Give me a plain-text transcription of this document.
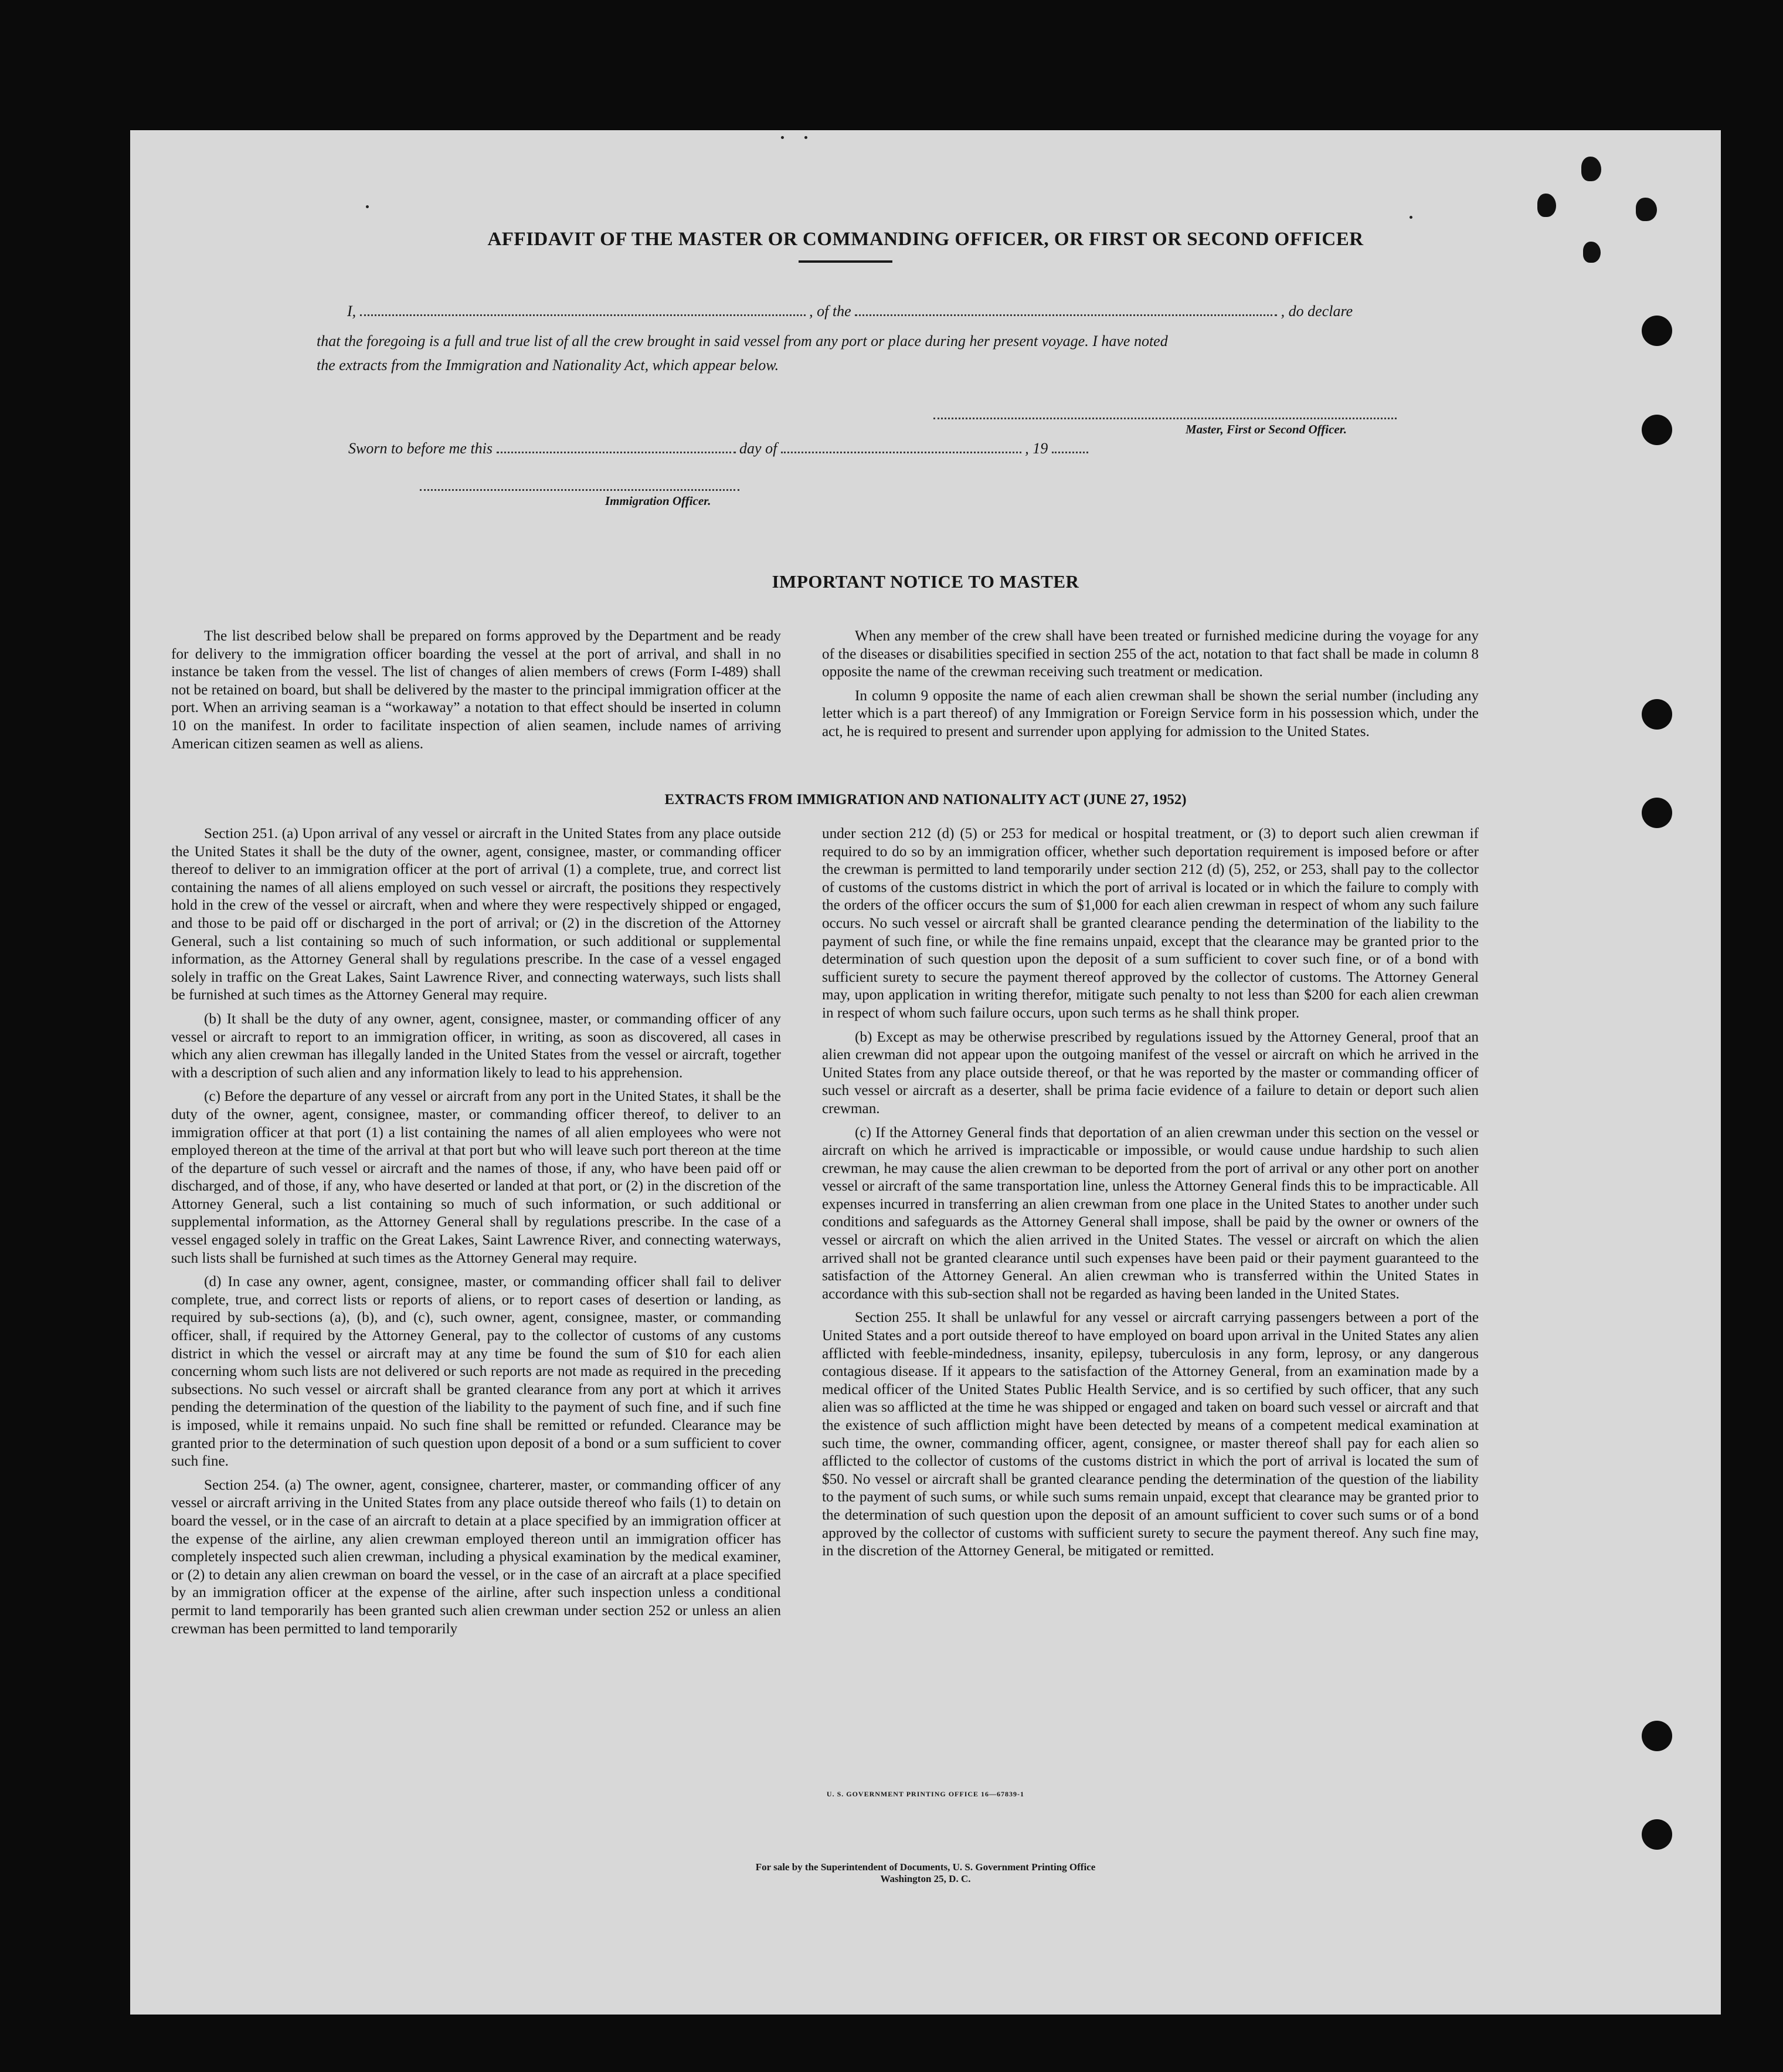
AFFIDAVIT OF THE MASTER OR COMMANDING OFFICER, OR FIRST OR SECOND OFFICER
I,	, of the	, do declare
that the foregoing is a full and true list of all the crew brought in said vessel from any port or place during her present voyage. I have noted
the extracts from the Immigration and Nationality Act, which appear below.
Master, First or Second Officer.
Sworn to before me this	day of	, 19
Immigration Officer.
IMPORTANT NOTICE TO MASTER

The list described below shall be prepared on forms approved by the Department and be ready for delivery to the immigration officer boarding the vessel at the port of arrival, and shall in no instance be taken from the vessel. The list of changes of alien members of crews (Form I-489) shall not be retained on board, but shall be delivered by the master to the principal immigration officer at the port. When an arriving seaman is a “workaway” a notation to that effect should be inserted in column 10 on the manifest. In order to facilitate inspection of alien seamen, include names of arriving American citizen seamen as well as aliens.

When any member of the crew shall have been treated or furnished medicine during the voyage for any of the diseases or disabilities specified in section 255 of the act, notation to that fact shall be made in column 8 opposite the name of the crewman receiving such treatment or medication.

In column 9 opposite the name of each alien crewman shall be shown the serial number (including any letter which is a part thereof) of any Immigration or Foreign Service form in his possession which, under the act, he is required to present and surrender upon applying for admission to the United States.

EXTRACTS FROM IMMIGRATION AND NATIONALITY ACT (JUNE 27, 1952)

Section 251. (a) Upon arrival of any vessel or aircraft in the United States from any place outside the United States it shall be the duty of the owner, agent, consignee, master, or commanding officer thereof to deliver to an immigration officer at the port of arrival (1) a complete, true, and correct list containing the names of all aliens employed on such vessel or aircraft, the positions they respectively hold in the crew of the vessel or aircraft, when and where they were respectively shipped or engaged, and those to be paid off or discharged in the port of arrival; or (2) in the discretion of the Attorney General, such a list containing so much of such information, or such additional or supplemental information, as the Attorney General shall by regulations prescribe. In the case of a vessel engaged solely in traffic on the Great Lakes, Saint Lawrence River, and connecting waterways, such lists shall be furnished at such times as the Attorney General may require.

(b) It shall be the duty of any owner, agent, consignee, master, or commanding officer of any vessel or aircraft to report to an immigration officer, in writing, as soon as discovered, all cases in which any alien crewman has illegally landed in the United States from the vessel or aircraft, together with a description of such alien and any information likely to lead to his apprehension.

(c) Before the departure of any vessel or aircraft from any port in the United States, it shall be the duty of the owner, agent, consignee, master, or commanding officer thereof, to deliver to an immigration officer at that port (1) a list containing the names of all alien employees who were not employed thereon at the time of the arrival at that port but who will leave such port thereon at the time of the departure of such vessel or aircraft and the names of those, if any, who have been paid off or discharged, and of those, if any, who have deserted or landed at that port, or (2) in the discretion of the Attorney General, such a list containing so much of such information, or such additional or supplemental information, as the Attorney General shall by regulations prescribe. In the case of a vessel engaged solely in traffic on the Great Lakes, Saint Lawrence River, and connecting waterways, such lists shall be furnished at such times as the Attorney General may require.

(d) In case any owner, agent, consignee, master, or commanding officer shall fail to deliver complete, true, and correct lists or reports of aliens, or to report cases of desertion or landing, as required by sub-sections (a), (b), and (c), such owner, agent, consignee, master, or commanding officer, shall, if required by the Attorney General, pay to the collector of customs of any customs district in which the vessel or aircraft may at any time be found the sum of $10 for each alien concerning whom such lists are not delivered or such reports are not made as required in the preceding subsections. No such vessel or aircraft shall be granted clearance from any port at which it arrives pending the determination of the question of the liability to the payment of such fine, and if such fine is imposed, while it remains unpaid. No such fine shall be remitted or refunded. Clearance may be granted prior to the determination of such question upon deposit of a bond or a sum sufficient to cover such fine.

Section 254. (a) The owner, agent, consignee, charterer, master, or commanding officer of any vessel or aircraft arriving in the United States from any place outside thereof who fails (1) to detain on board the vessel, or in the case of an aircraft to detain at a place specified by an immigration officer at the expense of the airline, any alien crewman employed thereon until an immigration officer has completely inspected such alien crewman, including a physical examination by the medical examiner, or (2) to detain any alien crewman on board the vessel, or in the case of an aircraft at a place specified by an immigration officer at the expense of the airline, after such inspection unless a conditional permit to land temporarily has been granted such alien crewman under section 252 or unless an alien crewman has been permitted to land temporarily

under section 212 (d) (5) or 253 for medical or hospital treatment, or (3) to deport such alien crewman if required to do so by an immigration officer, whether such deportation requirement is imposed before or after the crewman is permitted to land temporarily under section 212 (d) (5), 252, or 253, shall pay to the collector of customs of the customs district in which the port of arrival is located or in which the failure to comply with the orders of the officer occurs the sum of $1,000 for each alien crewman in respect of whom any such failure occurs. No such vessel or aircraft shall be granted clearance pending the determination of the liability to the payment of such fine, or while the fine remains unpaid, except that the clearance may be granted prior to the determination of such question upon the deposit of a sum sufficient to cover such fine, or of a bond with sufficient surety to secure the payment thereof approved by the collector of customs. The Attorney General may, upon application in writing therefor, mitigate such penalty to not less than $200 for each alien crewman in respect of whom such failure occurs, upon such terms as he shall think proper.

(b) Except as may be otherwise prescribed by regulations issued by the Attorney General, proof that an alien crewman did not appear upon the outgoing manifest of the vessel or aircraft on which he arrived in the United States from any place outside thereof, or that he was reported by the master or commanding officer of such vessel or aircraft as a deserter, shall be prima facie evidence of a failure to detain or deport such alien crewman.

(c) If the Attorney General finds that deportation of an alien crewman under this section on the vessel or aircraft on which he arrived is impracticable or impossible, or would cause undue hardship to such alien crewman, he may cause the alien crewman to be deported from the port of arrival or any other port on another vessel or aircraft of the same transportation line, unless the Attorney General finds this to be impracticable. All expenses incurred in transferring an alien crewman from one place in the United States to another under such conditions and safeguards as the Attorney General shall impose, shall be paid by the owner or owners of the vessel or aircraft on which the alien arrived in the United States. The vessel or aircraft on which the alien arrived shall not be granted clearance until such expenses have been paid or their payment guaranteed to the satisfaction of the Attorney General. An alien crewman who is transferred within the United States in accordance with this sub-section shall not be regarded as having been landed in the United States.

Section 255. It shall be unlawful for any vessel or aircraft carrying passengers between a port of the United States and a port outside thereof to have employed on board upon arrival in the United States any alien afflicted with feeble-mindedness, insanity, epilepsy, tuberculosis in any form, leprosy, or any dangerous contagious disease. If it appears to the satisfaction of the Attorney General, from an examination made by a medical officer of the United States Public Health Service, and is so certified by such officer, that any such alien was so afflicted at the time he was shipped or engaged and taken on board such vessel or aircraft and that the existence of such affliction might have been detected by means of a competent medical examination at such time, the owner, commanding officer, agent, consignee, or master thereof shall pay for each alien so afflicted to the collector of customs of the customs district in which the port of arrival is located the sum of $50. No vessel or aircraft shall be granted clearance pending the determination of the question of the liability to the payment of such sums, or while such sums remain unpaid, except that clearance may be granted prior to the determination of such question upon the deposit of an amount sufficient to cover such sums or of a bond approved by the collector of customs with sufficient surety to secure the payment thereof. Any such fine may, in the discretion of the Attorney General, be mitigated or remitted.

U. S. GOVERNMENT PRINTING OFFICE 16—67839-1
For sale by the Superintendent of Documents, U. S. Government Printing Office
Washington 25, D. C.
